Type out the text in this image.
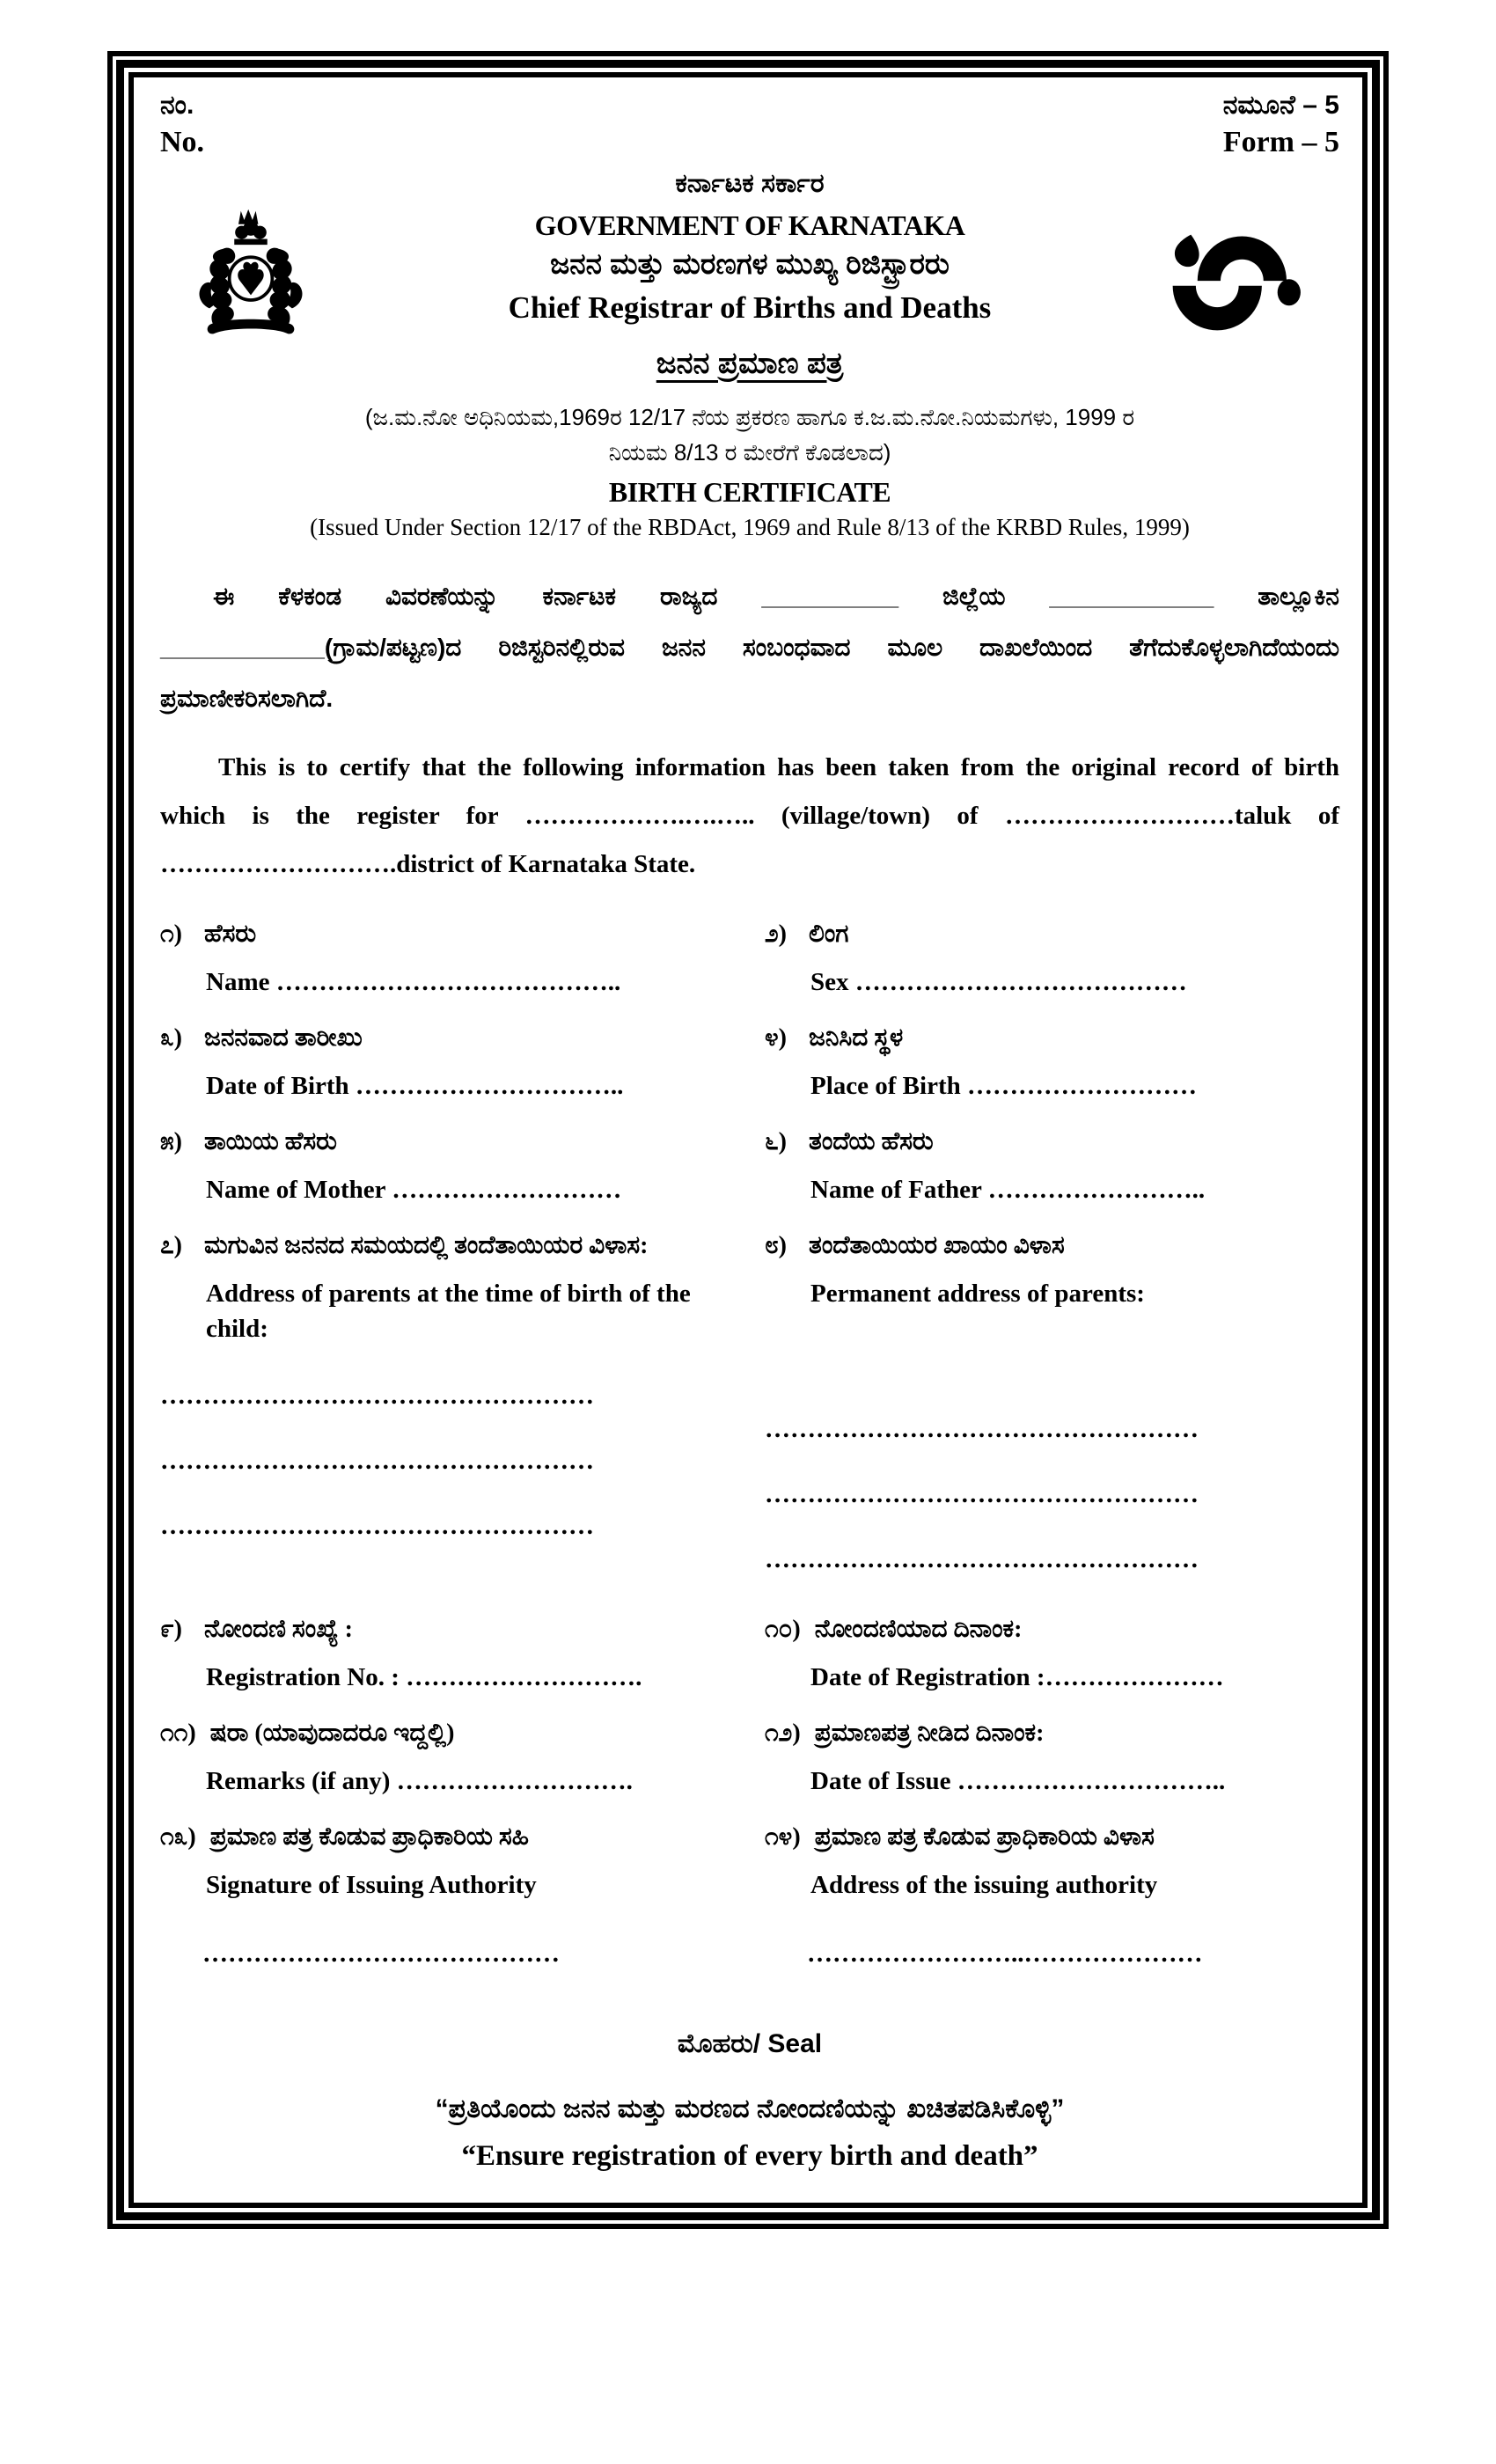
ನಂ.
No.
ನಮೂನೆ – 5
Form – 5
ಕರ್ನಾಟಕ ಸರ್ಕಾರ
GOVERNMENT OF KARNATAKA
ಜನನ ಮತ್ತು ಮರಣಗಳ ಮುಖ್ಯ ರಿಜಿಸ್ಟ್ರಾರರು
Chief Registrar of Births and Deaths
ಜನನ ಪ್ರಮಾಣ ಪತ್ರ
(ಜ.ಮ.ನೋ ಅಧಿನಿಯಮ,1969ರ 12/17 ನೆಯ ಪ್ರಕರಣ ಹಾಗೂ ಕ.ಜ.ಮ.ನೋ.ನಿಯಮಗಳು, 1999 ರ
ನಿಯಮ 8/13 ರ ಮೇರೆಗೆ ಕೊಡಲಾದ)
BIRTH CERTIFICATE
(Issued Under Section 12/17 of the RBDAct, 1969 and Rule 8/13 of the KRBD Rules, 1999)
ಈ ಕೆಳಕಂಡ ವಿವರಣೆಯನ್ನು ಕರ್ನಾಟಕ ರಾಜ್ಯದ __________ ಜಿಲ್ಲೆಯ ____________ ತಾಲ್ಲೂಕಿನ
____________(ಗ್ರಾಮ/ಪಟ್ಟಣ)ದ ರಿಜಿಸ್ಟರಿನಲ್ಲಿರುವ ಜನನ ಸಂಬಂಧವಾದ ಮೂಲ ದಾಖಲೆಯಿಂದ ತೆಗೆದುಕೊಳ್ಳಲಾಗಿದೆಯಂದು
ಪ್ರಮಾಣೀಕರಿಸಲಾಗಿದೆ.
This is to certify that the following information has been taken from the original record of birth
which is the register for ……………….….….. (village/town) of ………………………taluk of
……………………….district of Karnataka State.
೧) ಹೆಸರು
Name …………………………………..
೨) ಲಿಂಗ
Sex …………………………………
೩) ಜನನವಾದ ತಾರೀಖು
Date of Birth …………………………..
೪) ಜನಿಸಿದ ಸ್ಥಳ
Place of Birth ………………………
೫) ತಾಯಿಯ ಹೆಸರು
Name of Mother ………………………
೬) ತಂದೆಯ ಹೆಸರು
Name of Father ……………………..
೭) ಮಗುವಿನ ಜನನದ ಸಮಯದಲ್ಲಿ ತಂದೆತಾಯಿಯರ ವಿಳಾಸ:
Address of parents at the time of birth of the child:
……………………………………………
……………………………………………
……………………………………………
೮) ತಂದೆತಾಯಿಯರ ಖಾಯಂ ವಿಳಾಸ
Permanent address of parents:
……………………………………………
……………………………………………
……………………………………………
೯) ನೋಂದಣಿ ಸಂಖ್ಯೆ :
Registration No. : ……………………….
೧೦) ನೋಂದಣಿಯಾದ ದಿನಾಂಕ:
Date of Registration :…………………
೧೧) ಷರಾ (ಯಾವುದಾದರೂ ಇದ್ದಲ್ಲಿ)
Remarks (if any) ……………………….
೧೨) ಪ್ರಮಾಣಪತ್ರ ನೀಡಿದ ದಿನಾಂಕ:
Date of Issue …………………………..
೧೩) ಪ್ರಮಾಣ ಪತ್ರ ಕೊಡುವ ಪ್ರಾಧಿಕಾರಿಯ ಸಹಿ
Signature of Issuing Authority
……………………………………
೧೪) ಪ್ರಮಾಣ ಪತ್ರ ಕೊಡುವ ಪ್ರಾಧಿಕಾರಿಯ ವಿಳಾಸ
Address of the issuing authority
……………………..…………………
ಮೊಹರು/ Seal
“ಪ್ರತಿಯೊಂದು ಜನನ ಮತ್ತು ಮರಣದ ನೋಂದಣಿಯನ್ನು ಖಚಿತಪಡಿಸಿಕೊಳ್ಳಿ”
“Ensure registration of every birth and death”
